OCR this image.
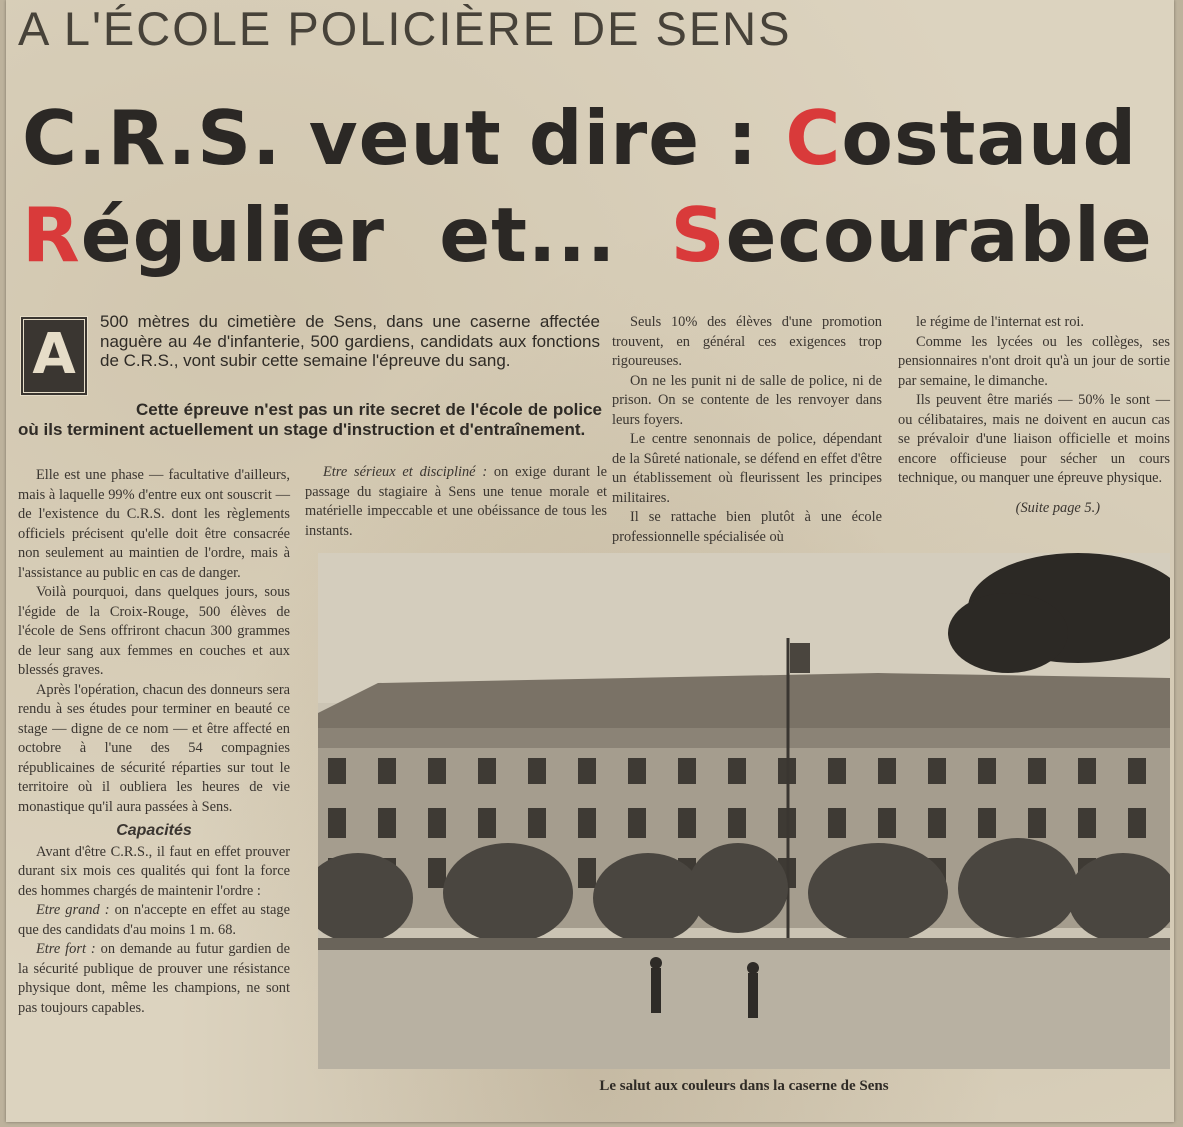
A L'ÉCOLE POLICIÈRE DE SENS
C.R.S. veut dire : Costaud
Régulier  et...  Secourable
A
500 mètres du cimetière de Sens, dans une caserne affectée naguère au 4e d'infanterie, 500 gardiens, candidats aux fonctions de C.R.S., vont subir cette semaine l'épreuve du sang.
Cette épreuve n'est pas un rite secret de l'école de police où ils terminent actuellement un stage d'instruction et d'entraînement.

Elle est une phase — facultative d'ailleurs, mais à laquelle 99% d'entre eux ont souscrit — de l'existence du C.R.S. dont les règlements officiels précisent qu'elle doit être consacrée non seulement au maintien de l'ordre, mais à l'assistance au public en cas de danger.

Voilà pourquoi, dans quelques jours, sous l'égide de la Croix-Rouge, 500 élèves de l'école de Sens offriront chacun 300 grammes de leur sang aux femmes en couches et aux blessés graves.

Après l'opération, chacun des donneurs sera rendu à ses études pour terminer en beauté ce stage — digne de ce nom — et être affecté en octobre à l'une des 54 compagnies républicaines de sécurité réparties sur tout le territoire où il oubliera les heures de vie monastique qu'il aura passées à Sens.

Capacités

Avant d'être C.R.S., il faut en effet prouver durant six mois ces qualités qui font la force des hommes chargés de maintenir l'ordre :

Etre grand : on n'accepte en effet au stage que des candidats d'au moins 1 m. 68.

Etre fort : on demande au futur gardien de la sécurité publique de prouver une résistance physique dont, même les champions, ne sont pas toujours capables.

Etre sérieux et discipliné : on exige durant le passage du stagiaire à Sens une tenue morale et matérielle impeccable et une obéissance de tous les instants.

Seuls 10% des élèves d'une promotion trouvent, en général ces exigences trop rigoureuses.

On ne les punit ni de salle de police, ni de prison. On se contente de les renvoyer dans leurs foyers.

Le centre senonnais de police, dépendant de la Sûreté nationale, se défend en effet d'être un établissement où fleurissent les principes militaires.

Il se rattache bien plutôt à une école professionnelle spécialisée où

le régime de l'internat est roi.

Comme les lycées ou les collèges, ses pensionnaires n'ont droit qu'à un jour de sortie par semaine, le dimanche.

Ils peuvent être mariés — 50% le sont — ou célibataires, mais ne doivent en aucun cas se prévaloir d'une liaison officielle et moins encore officieuse pour sécher un cours technique, ou manquer une épreuve physique.

(Suite page 5.)

Le salut aux couleurs dans la caserne de Sens
